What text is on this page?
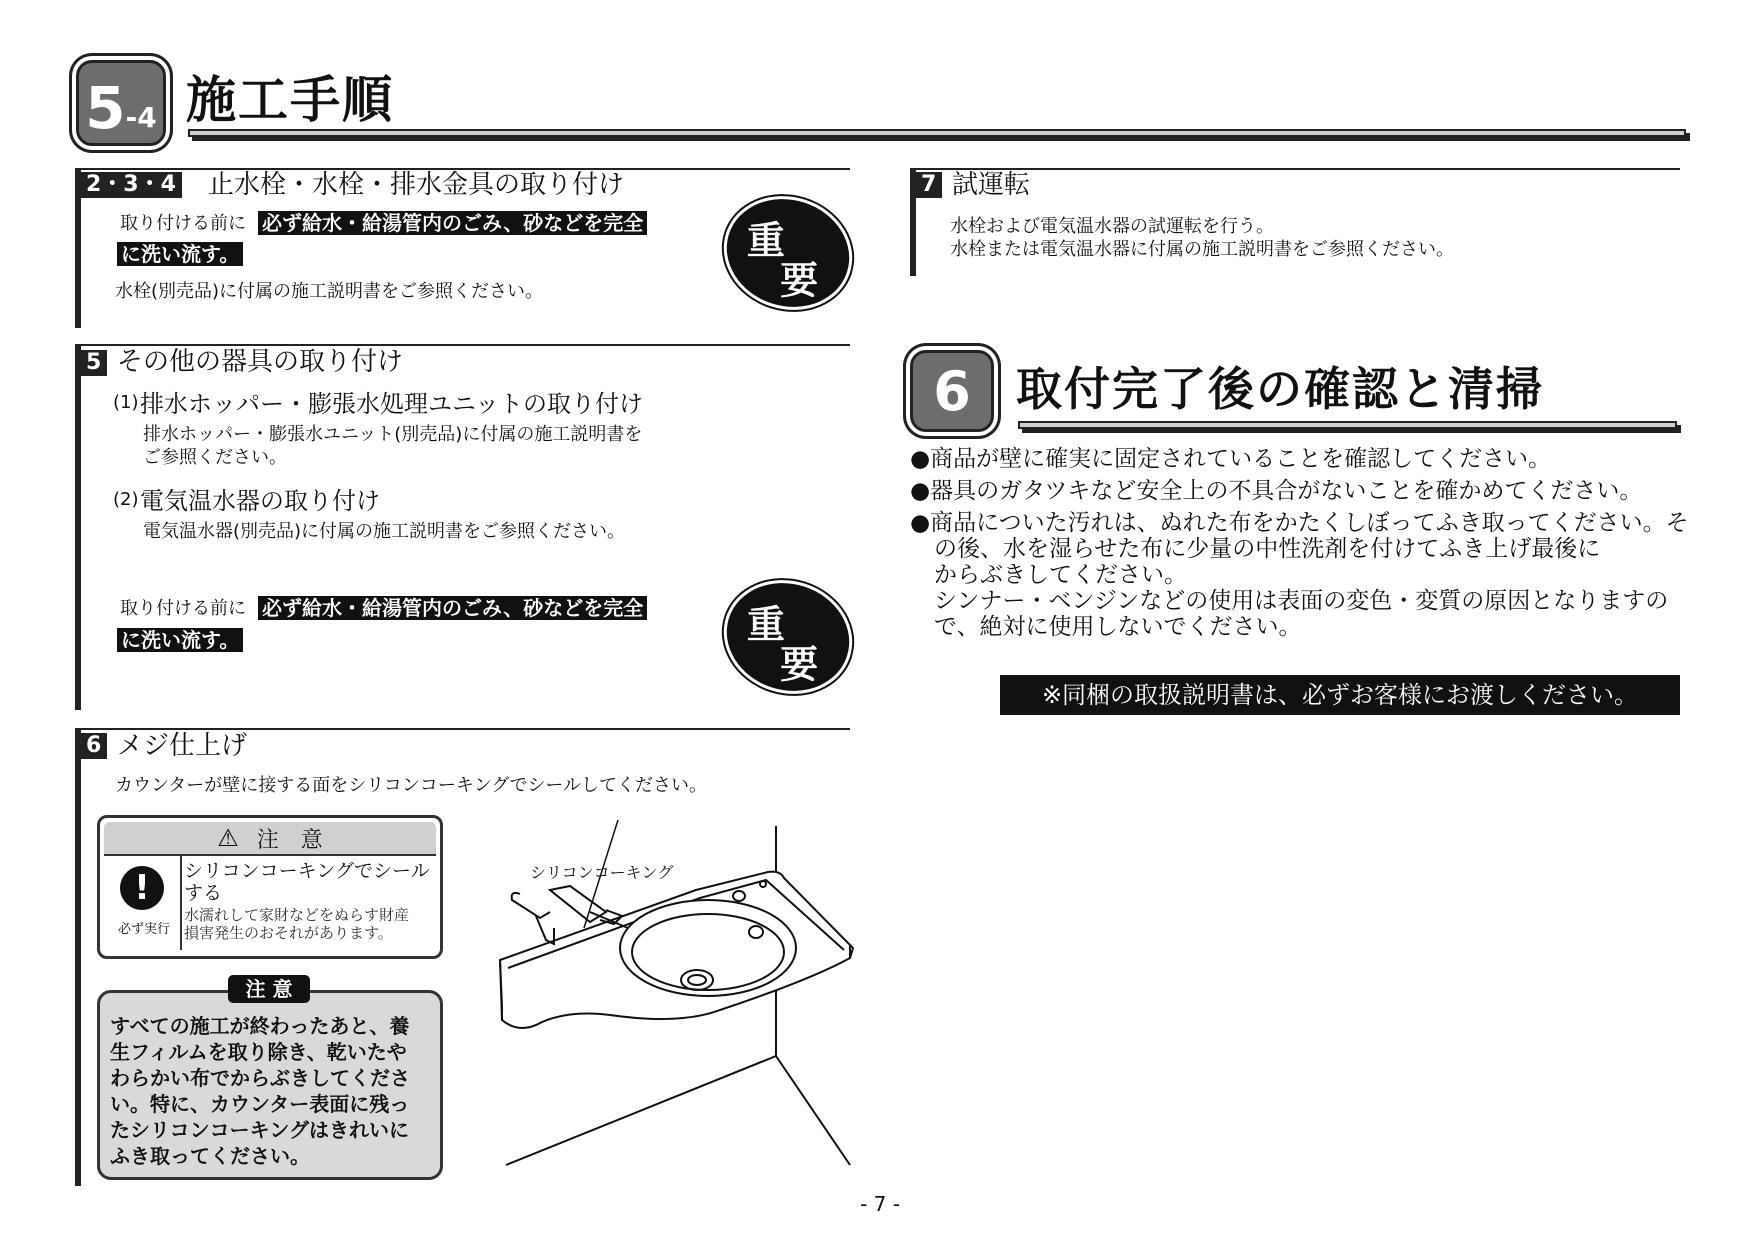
5 -4 施工手順
2・3・4 止水栓・水栓・排水金具の取り付け
取り付ける前に 必ず給水・給湯管内のごみ、砂などを完全
に洗い流す。
水栓(別売品)に付属の施工説明書をご参照ください。
重
要
5 その他の器具の取り付け
(1) 排水ホッパー・膨張水処理ユニットの取り付け
排水ホッパー・膨張水ユニット(別売品)に付属の施工説明書を
ご参照ください。
(2) 電気温水器の取り付け
電気温水器(別売品)に付属の施工説明書をご参照ください。
取り付ける前に 必ず給水・給湯管内のごみ、砂などを完全
に洗い流す。	重
要
6 メジ仕上げ
カウンターが壁に接する面をシリコンコーキングでシールしてください。
⚠ 注　意
!
必ず実行
シリコンコーキングでシール
する
水濡れして家財などをぬらす財産
損害発生のおそれがあります。
すべての施工が終わったあと、養
生フィルムを取り除き、乾いたや
わらかい布でからぶきしてくださ
い。特に、カウンター表面に残っ
たシリコンコーキングはきれいに
ふき取ってください。
注 意
シリコンコーキング
7 試運転
水栓および電気温水器の試運転を行う。
水栓または電気温水器に付属の施工説明書をご参照ください。
6 取付完了後の確認と清掃
●商品が壁に確実に固定されていることを確認してください。
●器具のガタツキなど安全上の不具合がないことを確かめてください。
●商品についた汚れは、ぬれた布をかたくしぼってふき取ってください。そ
の後、水を湿らせた布に少量の中性洗剤を付けてふき上げ最後に
からぶきしてください。
シンナー・ベンジンなどの使用は表面の変色・変質の原因となりますの
で、絶対に使用しないでください。
※同梱の取扱説明書は、必ずお客様にお渡しください。
- 7 -
